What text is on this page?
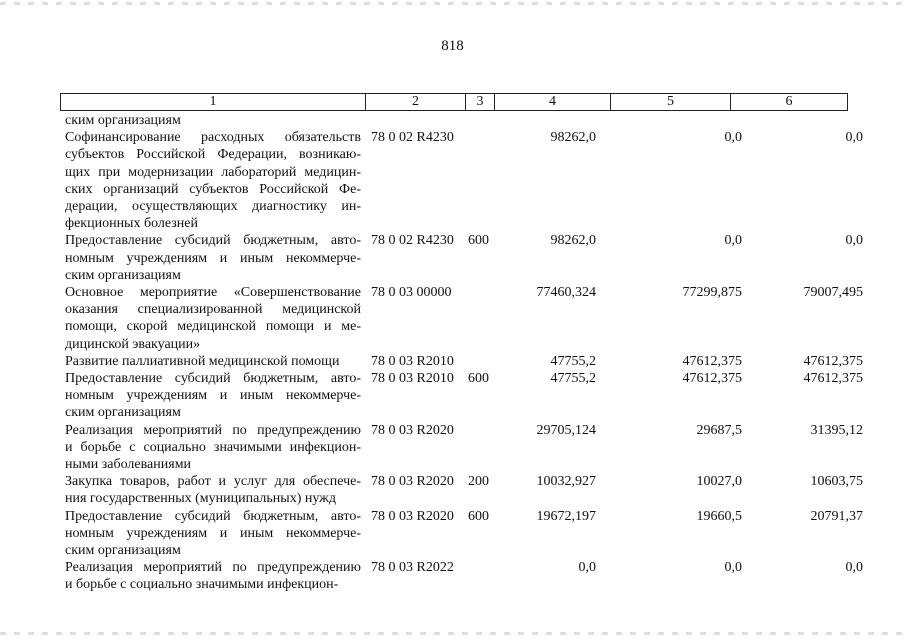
818
1	2	3	4	5	6
ским организациям
Софинансирование расходных обязательств
субъектов Российской Федерации, возникаю-
щих при модернизации лабораторий медицин-
ских организаций субъектов Российской Фе-
дерации, осуществляющих диагностику ин-
фекционных болезней
78 0 02 R4230	98262,0	0,0	0,0
Предоставление субсидий бюджетным, авто-
номным учреждениям и иным некоммерче-
ским организациям
78 0 02 R4230 600	98262,0	0,0	0,0
Основное мероприятие «Совершенствование
оказания специализированной медицинской
помощи, скорой медицинской помощи и ме-
дицинской эвакуации»
78 0 03 00000	77460,324	77299,875	79007,495
Развитие паллиативной медицинской помощи	78 0 03 R2010	47755,2	47612,375	47612,375
Предоставление субсидий бюджетным, авто-
номным учреждениям и иным некоммерче-
ским организациям
78 0 03 R2010 600	47755,2	47612,375	47612,375
Реализация мероприятий по предупреждению
и борьбе с социально значимыми инфекцион-
ными заболеваниями
78 0 03 R2020	29705,124	29687,5	31395,12
Закупка товаров, работ и услуг для обеспече-
ния государственных (муниципальных) нужд
78 0 03 R2020 200	10032,927	10027,0	10603,75
Предоставление субсидий бюджетным, авто-
номным учреждениям и иным некоммерче-
ским организациям
78 0 03 R2020 600	19672,197	19660,5	20791,37
Реализация мероприятий по предупреждению
и борьбе с социально значимыми инфекцион-
78 0 03 R2022	0,0	0,0	0,0
